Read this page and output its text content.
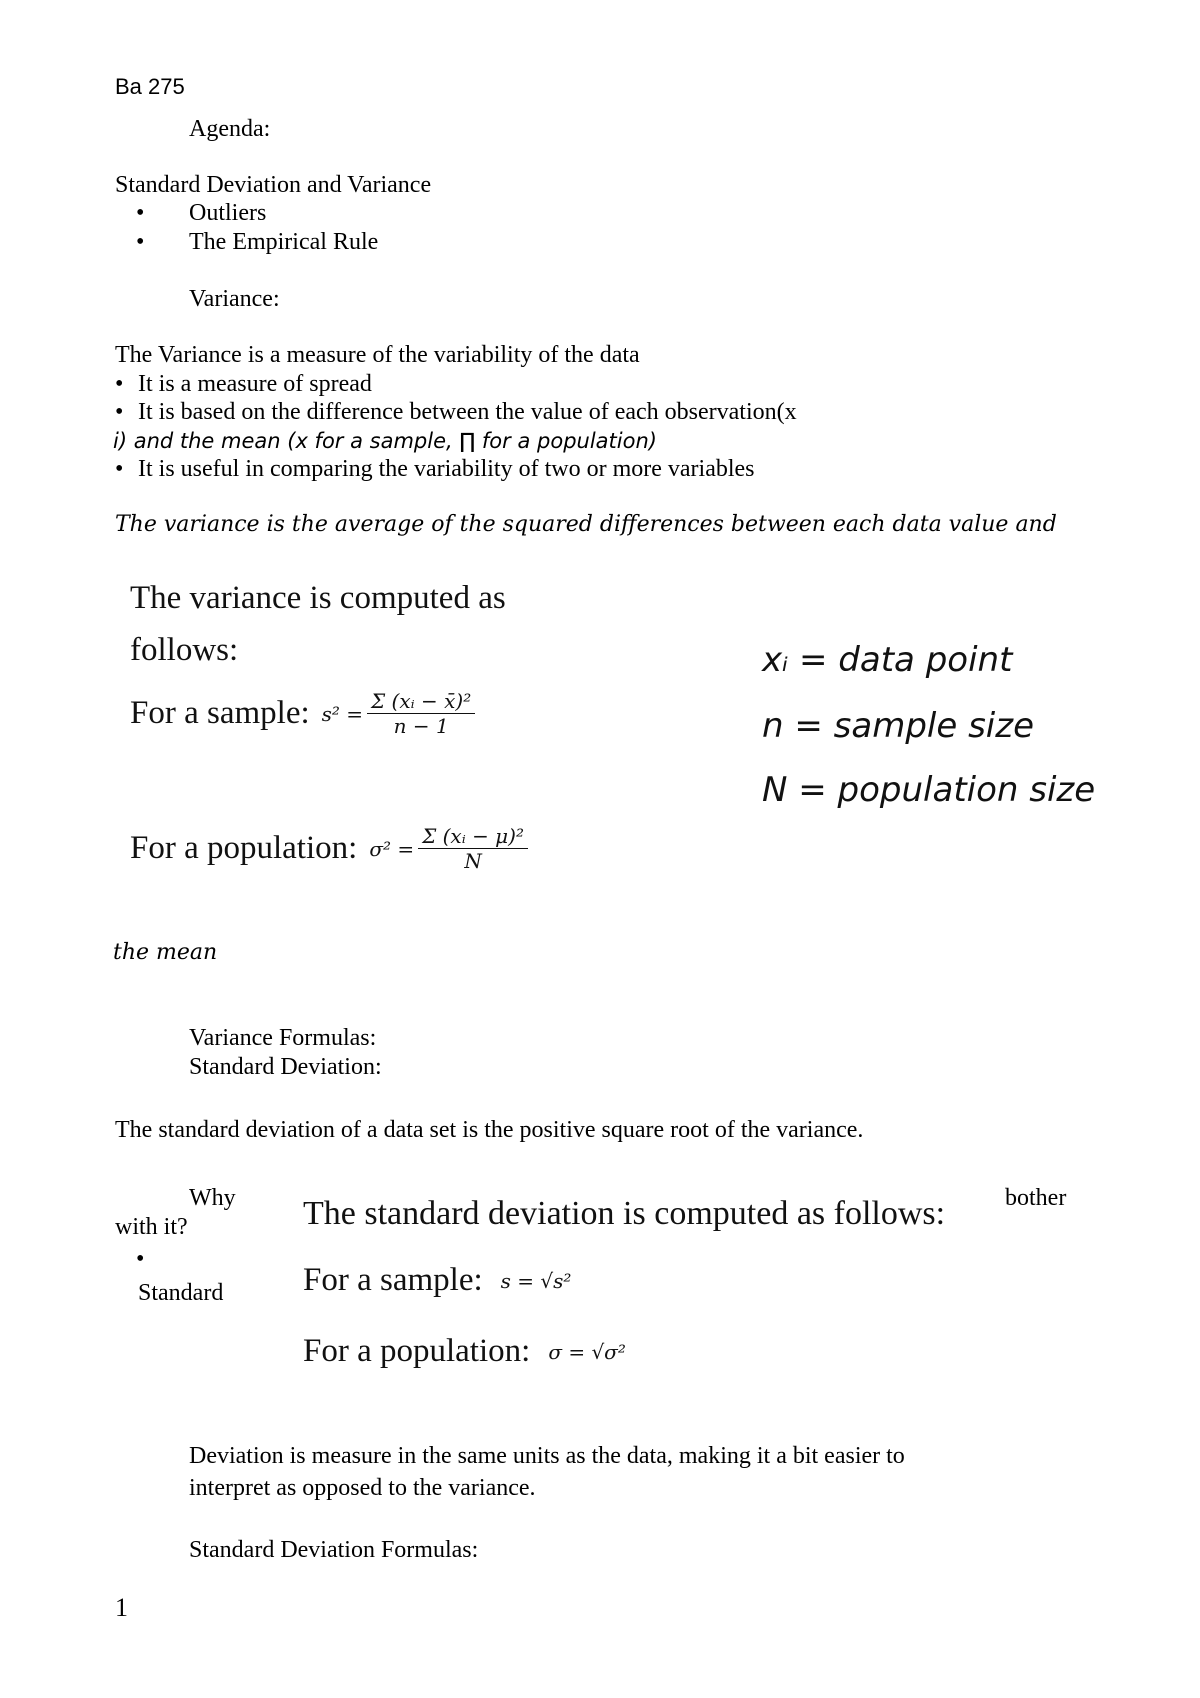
Ba 275
Agenda:
Standard Deviation and Variance
• Outliers
• The Empirical Rule
Variance:
The Variance is a measure of the variability of the data
• It is a measure of spread
• It is based on the difference between the value of each observation(x
i) and the mean (x for a sample, ∏ for a population)
• It is useful in comparing the variability of two or more variables
The variance is the average of the squared differences between each data value and
The variance is computed as
follows:
For a sample: $s^2 = \frac{\text{Σ (xᵢ − x̄)²}}{n - 1}$
For a population: $\sigma^2 = \frac{\text{Σ (xᵢ − μ)²}}{N}$
xᵢ = data point
n = sample size
N = population size
the mean
Variance Formulas:
Standard Deviation:
The standard deviation of a data set is the positive square root of the variance.
Why	bother
with it?
•
Standard
The standard deviation is computed as follows:
For a sample: s = √s²
For a population: σ = √σ²
Deviation is measure in the same units as the data, making it a bit easier to
interpret as opposed to the variance.
Standard Deviation Formulas:
1
